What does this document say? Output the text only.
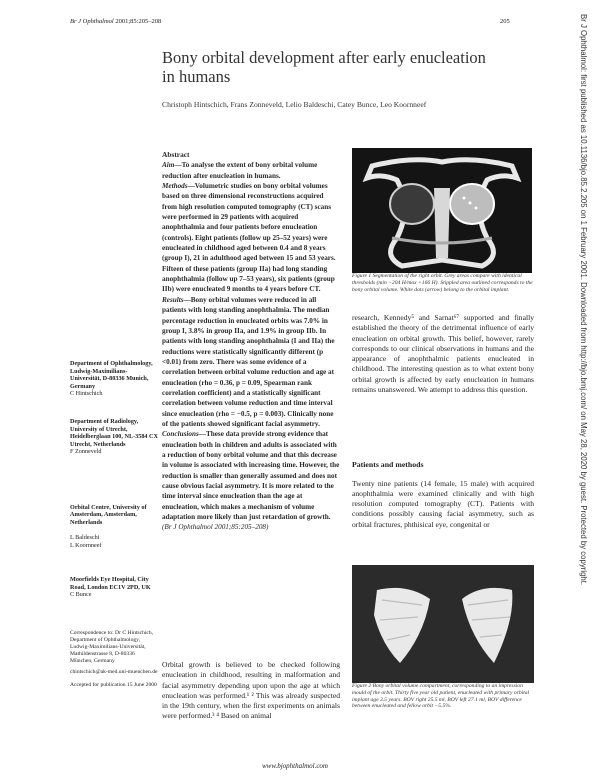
Br J Ophthalmol 2001;85:205–208	205
Bony orbital development after early enucleation in humans
Christoph Hintschich, Frans Zonneveld, Lelio Baldeschi, Catey Bunce, Leo Koornneef

Abstract

Aim—To analyse the extent of bony orbital volume reduction after enucleation in humans.

Methods—Volumetric studies on bony orbital volumes based on three dimensional reconstructions acquired from high resolution computed tomography (CT) scans were performed in 29 patients with acquired anophthalmia and four patients before enucleation (controls). Eight patients (follow up 25–52 years) were enucleated in childhood aged between 0.4 and 8 years (group I), 21 in adulthood aged between 15 and 53 years. Fifteen of these patients (group IIa) had long standing anophthalmia (follow up 7–53 years), six patients (group IIb) were enucleated 9 months to 4 years before CT.

Results—Bony orbital volumes were reduced in all patients with long standing anophthalmia. The median percentage reduction in enucleated orbits was 7.0% in group I, 3.8% in group IIa, and 1.9% in group IIb. In patients with long standing anophthalmia (I and IIa) the reductions were statistically significantly different (p <0.01) from zero. There was some evidence of a correlation between orbital volume reduction and age at enucleation (rho = 0.36, p = 0.09, Spearman rank correlation coefficient) and a statistically significant correlation between volume reduction and time interval since enucleation (rho = −0.5, p = 0.003). Clinically none of the patients showed significant facial asymmetry.

Conclusions—These data provide strong evidence that enucleation both in children and adults is associated with a reduction of bony orbital volume and that this decrease in volume is associated with increasing time. However, the reduction is smaller than generally assumed and does not cause obvious facial asymmetry. It is more related to the time interval since enucleation than the age at enucleation, which makes a mechanism of volume adaptation more likely than just retardation of growth.

(Br J Ophthalmol 2001;85:205–208)

Orbital growth is believed to be checked following enucleation in childhood, resulting in malformation and facial asymmetry depending upon upon the age at which enucleation was performed.¹ ² This was already suspected in the 19th century, when the first experiments on animals were performed.³ ⁴ Based on animal

Figure 1 Segmentation of the right orbit. Grey areas compare with identical thresholds (min −204 H/max +166 H). Stippled area outlined corresponds to the bony orbital volume. White dots (arrow) belong to the orbital implant.

research, Kennedy⁵ and Sarnat⁶⁷ supported and finally established the theory of the detrimental influence of early enucleation on orbital growth. This belief, however, rarely corresponds to our clinical observations in humans and the appearance of anophthalmic patients enucleated in childhood. The interesting question as to what extent bony orbital growth is affected by early enucleation in humans remains unanswered. We attempt to address this question.

Patients and methods

Twenty nine patients (14 female, 15 male) with acquired anophthalmia were examined clinically and with high resolution computed tomography (CT). Patients with conditions possibly causing facial asymmetry, such as orbital fractures, phthisical eye, congenital or

Figure 2 Bony orbital volume compartment, corresponding to an impression mould of the orbit. Thirty five year old patient, enucleated with primary orbital implant age 3.5 years. BOV right 25.5 ml, BOV left 27.1 ml, BOV difference between enucleated and fellow orbit −5.5%.
Department of Ophthalmology, Ludwig-Maximilians-Universität, D-80336 Munich, Germany
C Hintschich
Department of Radiology, University of Utrecht, Heidelberglaan 100, NL-3584 CX Utrecht, Netherlands
F Zonneveld

Orbital Centre, University of Amsterdam, Amsterdam, Netherlands

L Baldeschi
L Koornneef

Moorfields Eye Hospital, City Road, London EC1V 2PD, UK
C Bunce
Correspondence to: Dr C Hintschich, Department of Ophthalmology, Ludwig-Maximilians-Universität, Mathildenstrasse 8, D-80336 München, Germany
chintschich@ak-med.uni-muenchen.de
Accepted for publication 15 June 2000
www.bjophthalmol.com
Br J Ophthalmol: first published as 10.1136/bjo.85.2.205 on 1 February 2001. Downloaded from http://bjo.bmj.com/ on May 28, 2020 by guest. Protected by copyright.
